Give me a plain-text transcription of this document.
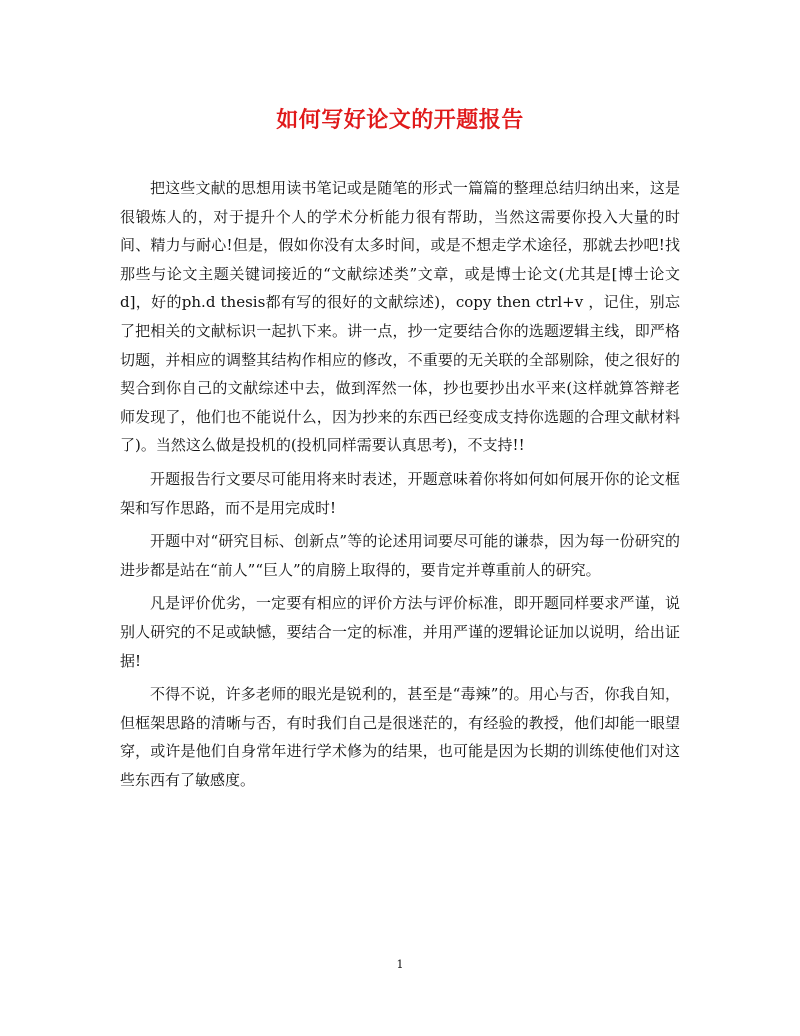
如何写好论文的开题报告

把这些文献的思想用读书笔记或是随笔的形式一篇篇的整理总结归纳出来，这是很锻炼人的，对于提升个人的学术分析能力很有帮助，当然这需要你投入大量的时间、精力与耐心!但是，假如你没有太多时间，或是不想走学术途径，那就去抄吧!找那些与论文主题关键词接近的“文献综述类”文章，或是博士论文(尤其是[博士论文d]，好的ph.d thesis都有写的很好的文献综述)，copy then ctrl+v ，记住，别忘了把相关的文献标识一起扒下来。讲一点，抄一定要结合你的选题逻辑主线，即严格切题，并相应的调整其结构作相应的修改，不重要的无关联的全部剔除，使之很好的契合到你自己的文献综述中去，做到浑然一体，抄也要抄出水平来(这样就算答辩老师发现了，他们也不能说什么，因为抄来的东西已经变成支持你选题的合理文献材料了)。当然这么做是投机的(投机同样需要认真思考)，不支持!!

开题报告行文要尽可能用将来时表述，开题意味着你将如何如何展开你的论文框架和写作思路，而不是用完成时!

开题中对“研究目标、创新点”等的论述用词要尽可能的谦恭，因为每一份研究的进步都是站在“前人”“巨人”的肩膀上取得的，要肯定并尊重前人的研究。

凡是评价优劣，一定要有相应的评价方法与评价标准，即开题同样要求严谨，说别人研究的不足或缺憾，要结合一定的标准，并用严谨的逻辑论证加以说明，给出证据!

不得不说，许多老师的眼光是锐利的，甚至是“毒辣”的。用心与否，你我自知，但框架思路的清晰与否，有时我们自己是很迷茫的，有经验的教授，他们却能一眼望穿，或许是他们自身常年进行学术修为的结果，也可能是因为长期的训练使他们对这些东西有了敏感度。

1
